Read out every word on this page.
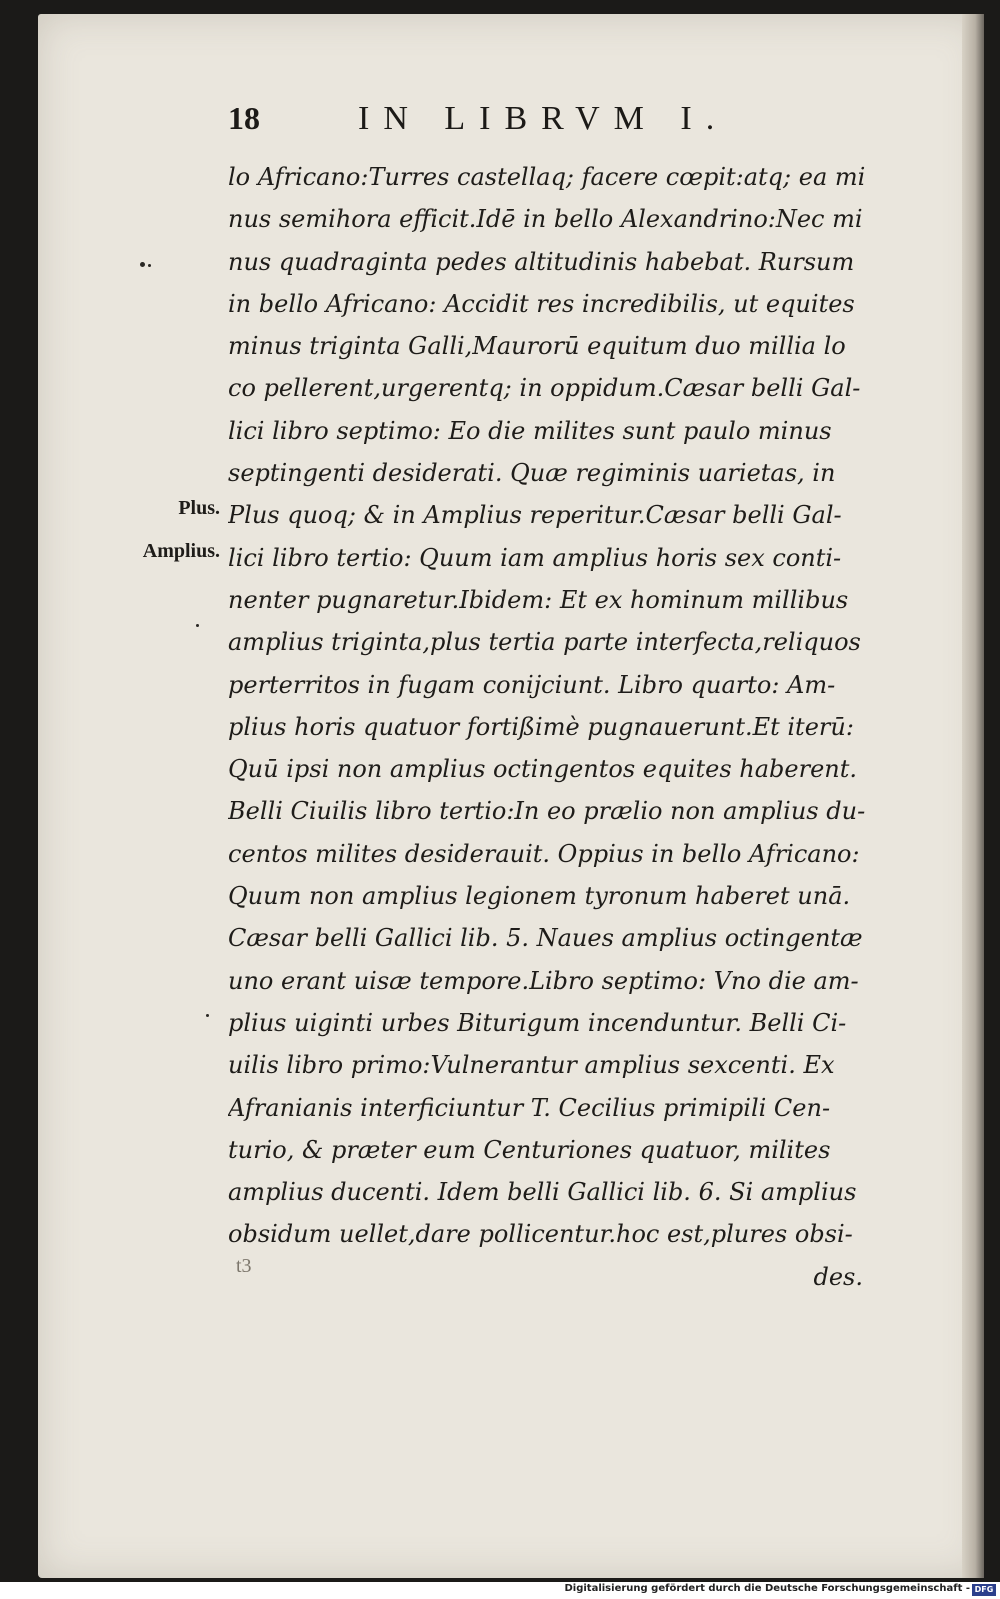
18	IN LIBRVM I.
Plus.
Amplius.
lo Africano:Turres castellaq; facere cœpit:atq; ea mi
nus semihora efficit.Idē in bello Alexandrino:Nec mi
nus quadraginta pedes altitudinis habebat. Rursum
in bello Africano: Accidit res incredibilis, ut equites
minus triginta Galli,Maurorū equitum duo millia lo
co pellerent,urgerentq; in oppidum.Cæsar belli Gal-
lici libro septimo: Eo die milites sunt paulo minus
septingenti desiderati. Quæ regiminis uarietas, in
Plus quoq; & in Amplius reperitur.Cæsar belli Gal-
lici libro tertio: Quum iam amplius horis sex conti-
nenter pugnaretur.Ibidem: Et ex hominum millibus
amplius triginta,plus tertia parte interfecta,reliquos
perterritos in fugam conijciunt. Libro quarto: Am-
plius horis quatuor fortißimè pugnauerunt.Et iterū:
Quū ipsi non amplius octingentos equites haberent.
Belli Ciuilis libro tertio:In eo prælio non amplius du-
centos milites desiderauit. Oppius in bello Africano:
Quum non amplius legionem tyronum haberet unā.
Cæsar belli Gallici lib. 5. Naues amplius octingentæ
uno erant uisæ tempore.Libro septimo: Vno die am-
plius uiginti urbes Biturigum incenduntur. Belli Ci-
uilis libro primo:Vulnerantur amplius sexcenti. Ex
Afranianis interficiuntur T. Cecilius primipili Cen-
turio, & præter eum Centuriones quatuor, milites
amplius ducenti. Idem belli Gallici lib. 6. Si amplius
obsidum uellet,dare pollicentur.hoc est,plures obsi-
des.
t3
Digitalisierung gefördert durch die Deutsche Forschungsgemeinschaft - DFG
